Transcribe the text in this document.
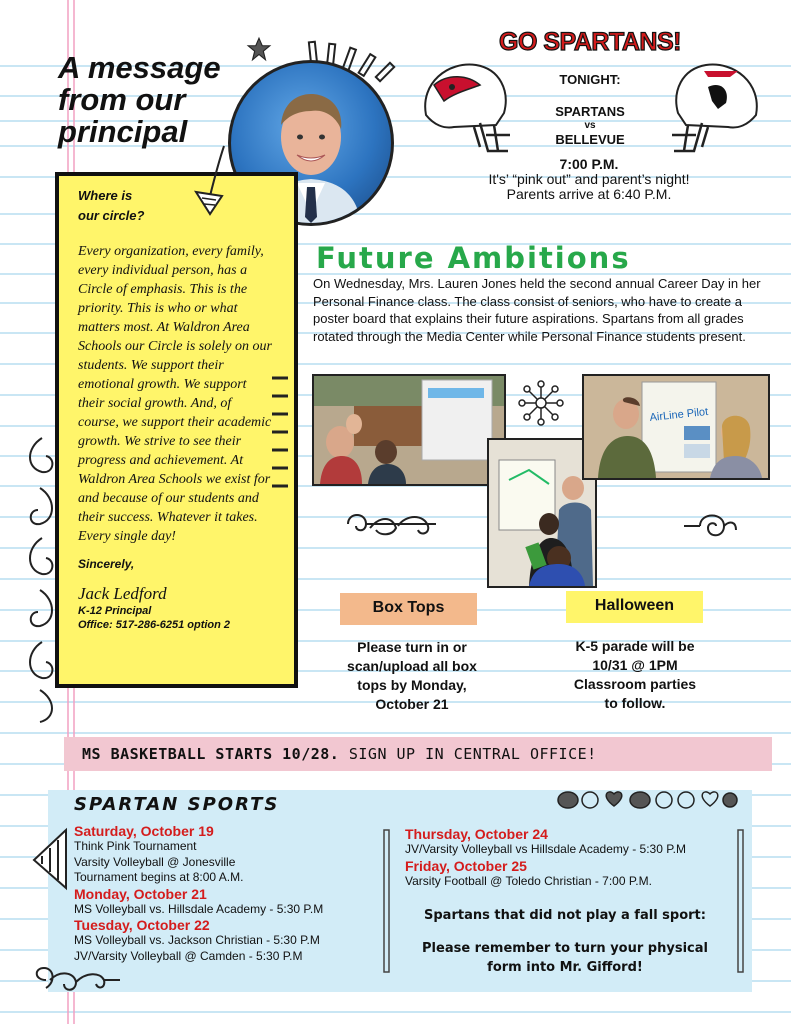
A message
from our
principal
Where is
our circle?
Every organization, every family, every individual person, has a Circle of emphasis. This is the priority. This is who or what matters most. At Waldron Area Schools our Circle is solely on our students. We support their emotional growth. We support their social growth. And, of course, we support their academic growth. We strive to see their progress and achievement. At Waldron Area Schools we exist for and because of our students and their success. Whatever it takes. Every single day!
Sincerely,
Jack Ledford
K-12 Principal
Office: 517-286-6251 option 2
GO SPARTANS!
TONIGHT:
SPARTANS
vs
BELLEVUE
7:00 P.M.
It's’ “pink out” and parent’s night!
Parents arrive at 6:40 P.M.
Future Ambitions
On Wednesday, Mrs. Lauren Jones held the second annual Career Day in her Personal Finance class. The class consist of seniors, who have to create a poster board that explains their future aspirations. Spartans from all grades rotated through the Media Center while Personal Finance students present.
AirLine Pilot
Box Tops
Please turn in or
scan/upload all box
tops by Monday,
October 21
Halloween
K-5 parade will be
10/31 @ 1PM
Classroom parties
to follow.
MS BASKETBALL STARTS 10/28. SIGN UP IN CENTRAL OFFICE!
SPARTAN SPORTS
Saturday, October 19
Think Pink Tournament
Varsity Volleyball @ Jonesville
Tournament begins at 8:00 A.M.
Monday, October 21
MS Volleyball vs. Hillsdale Academy - 5:30 P.M
Tuesday, October 22
MS Volleyball vs. Jackson Christian - 5:30 P.M
JV/Varsity Volleyball @ Camden - 5:30 P.M
Thursday, October 24
JV/Varsity Volleyball vs Hillsdale Academy - 5:30 P.M
Friday, October 25
Varsity Football @ Toledo Christian - 7:00 P.M.
Spartans that did not play a fall sport:
Please remember to turn your physical form into Mr. Gifford!
